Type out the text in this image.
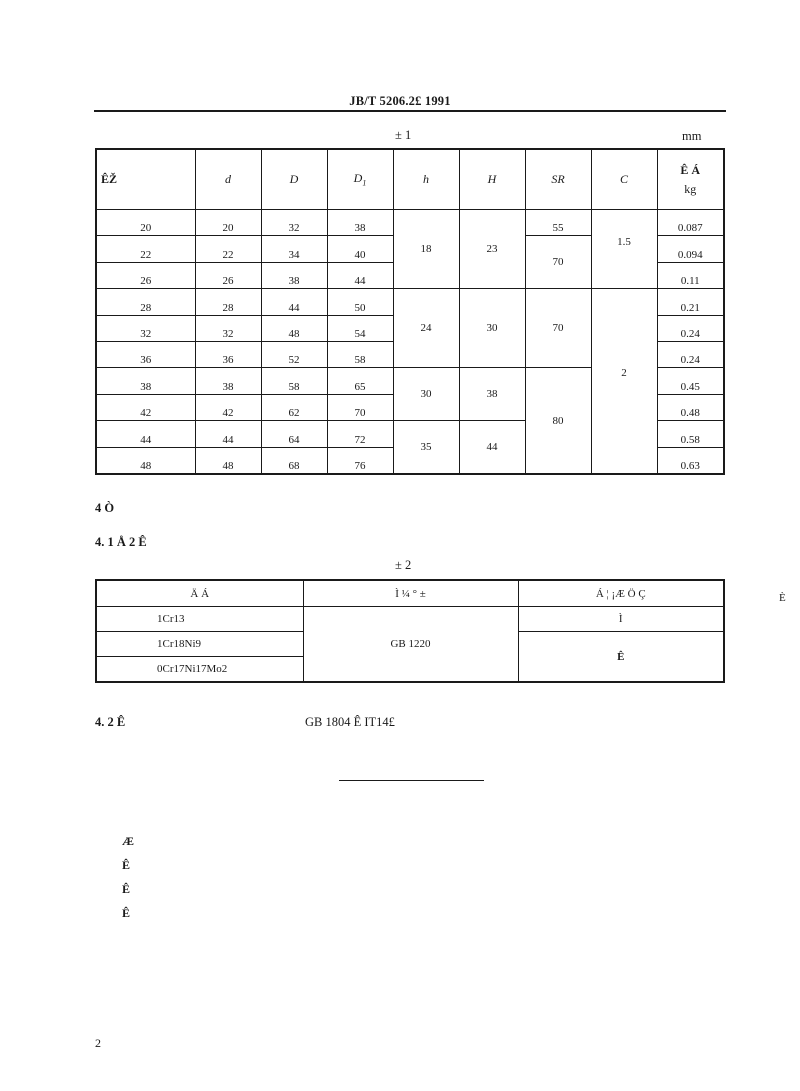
JB/T 5206.2£ 1991
± 1	mm
ÊŽ	d	D	$D_1$	h	H	SR	C	Ê Á
kg

20	20	32	38	18	23	55	1.5	0.087
22	22	34	40			70		0.094
26	26	38	44					0.11
28	28	44	50	24	30	70	2	0.21
32	32	48	54					0.24
36	36	52	58					0.24
38	38	58	65	30	38	80		0.45
42	42	62	70					0.48
44	44	64	72	35	44			0.58
48	48	68	76					0.63
4 Ò
4. 1 Å 2 Ê
± 2
Ä Á	Ì ¼ ° ±	Á ¦ ¡Æ Ö Ç
1Cr13	GB 1220	Ì
1Cr18Ni9		Ê
0Cr17Ni17Mo2		
È
4. 2 Ê	GB 1804 Ê IT14£
Æ
Ê
Ê
Ê
2
